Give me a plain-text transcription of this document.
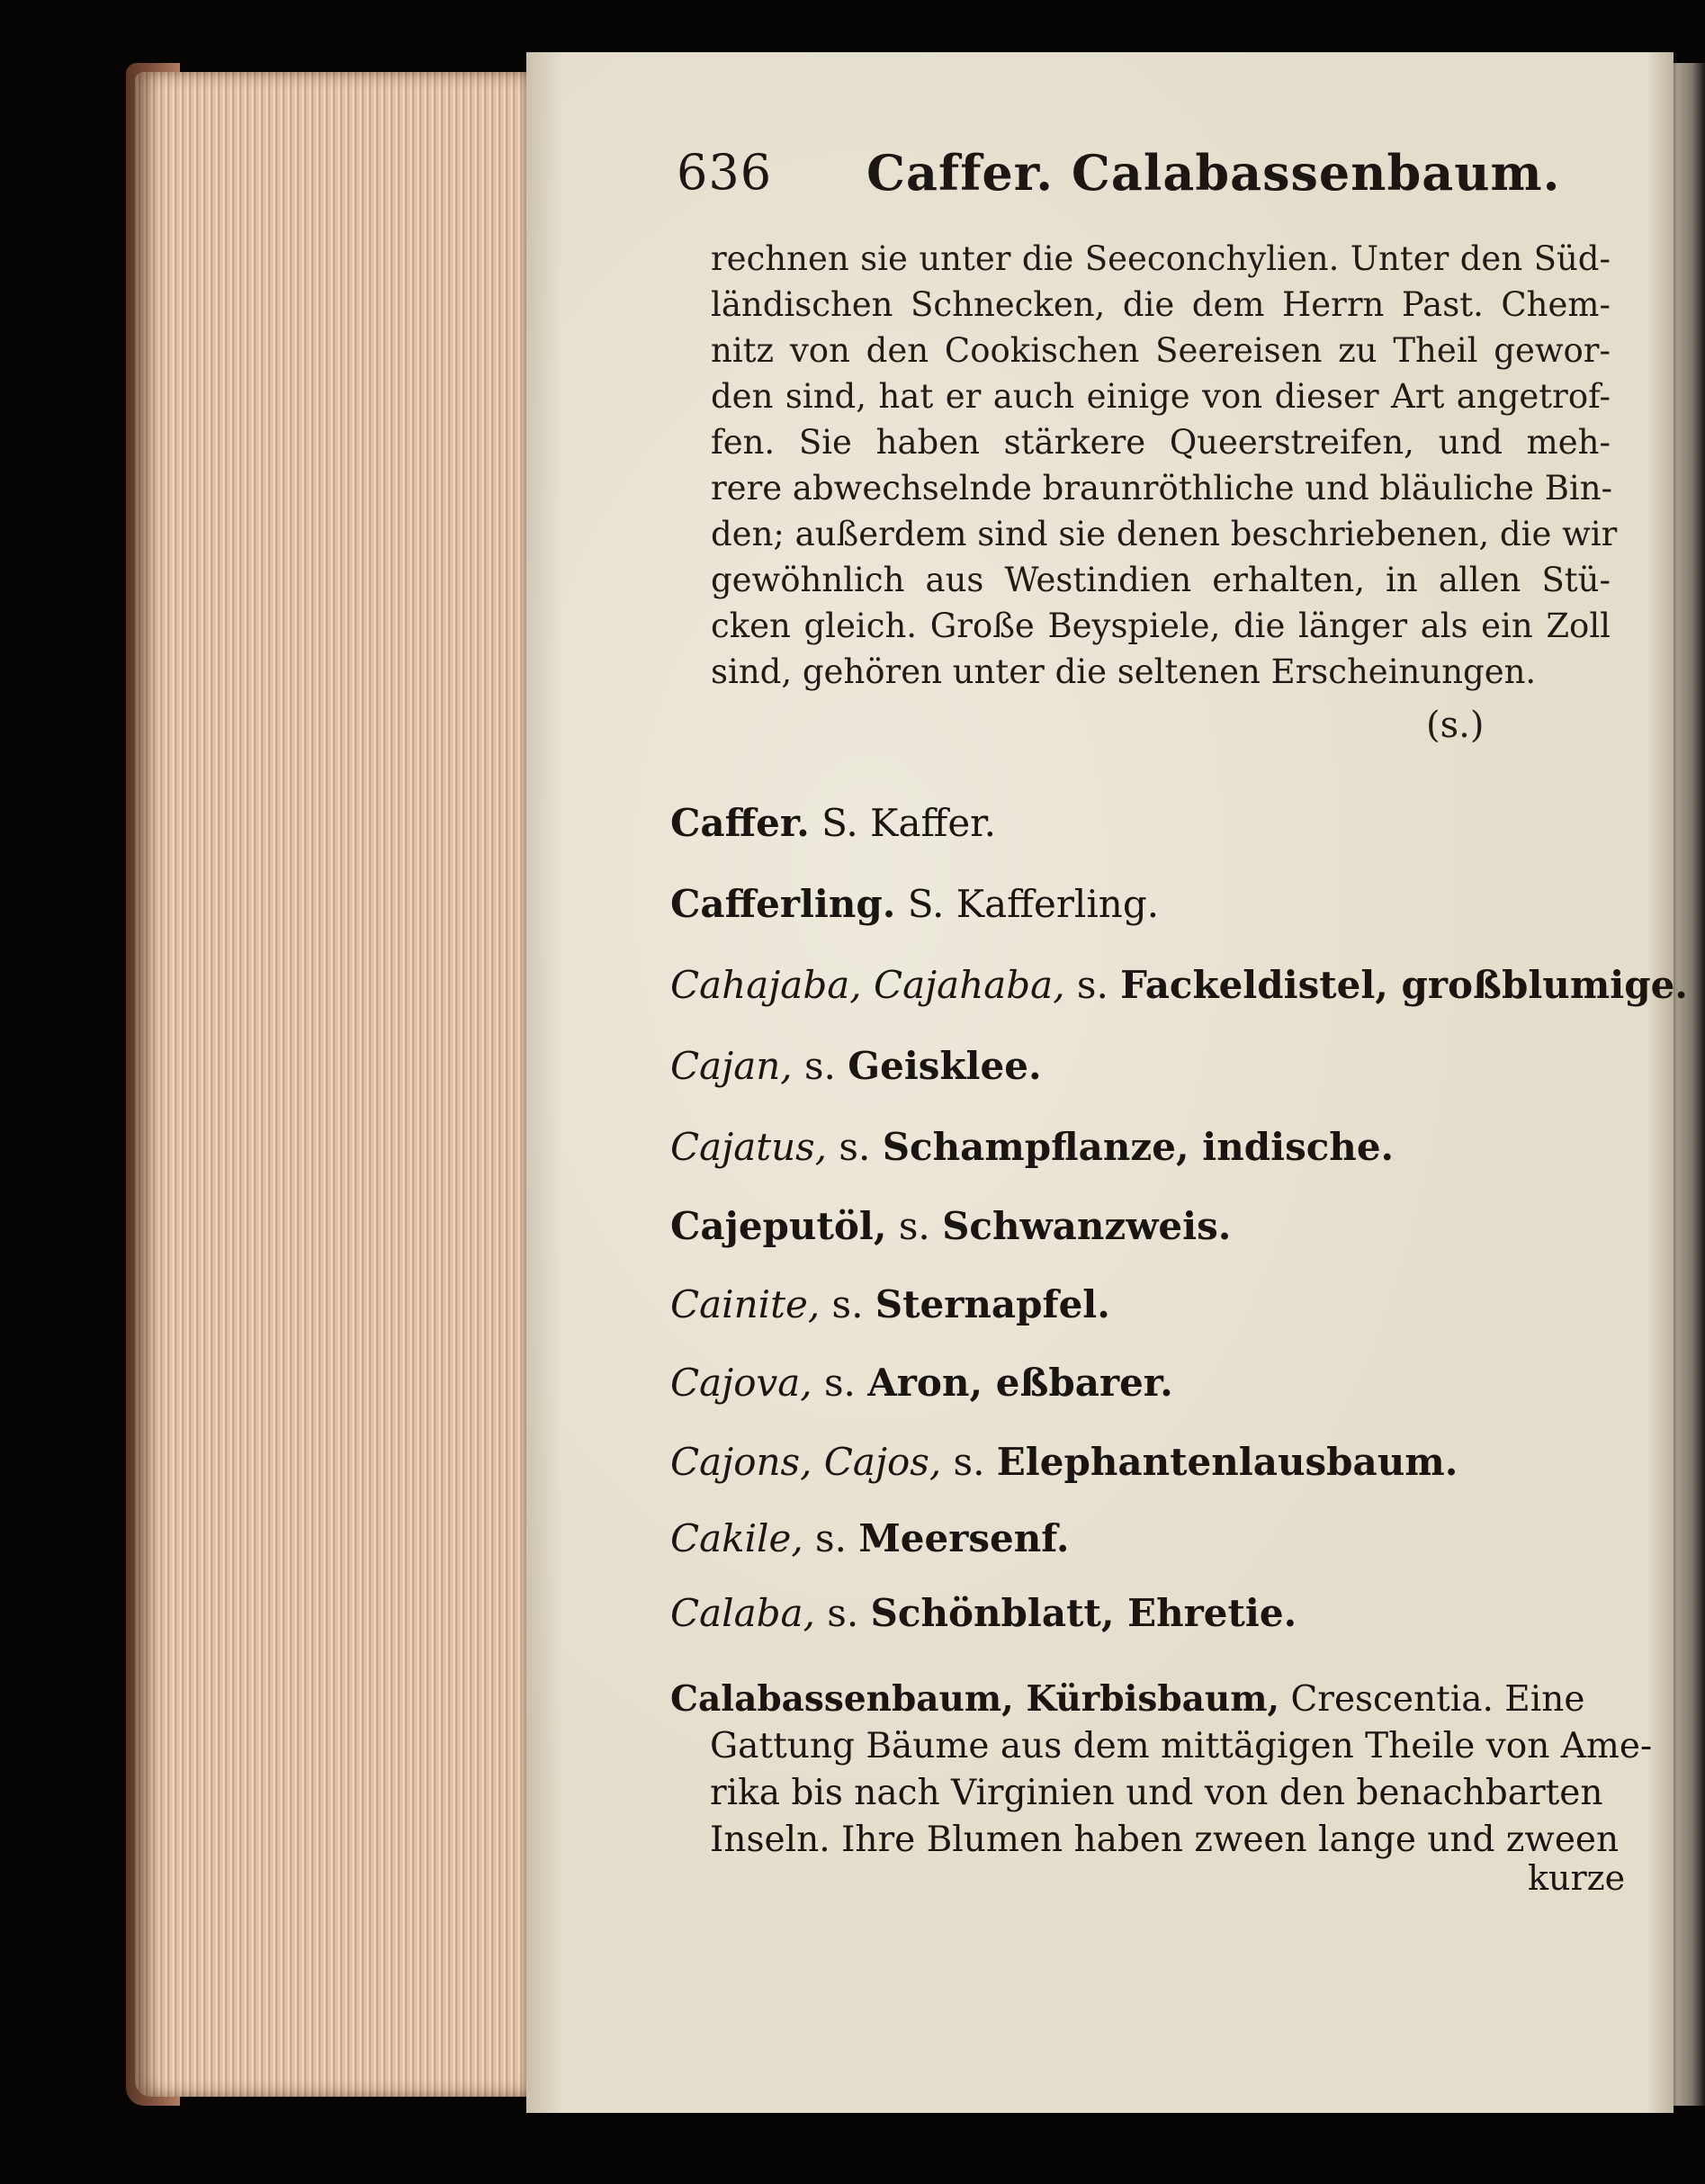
636 Caffer. Calabassenbaum.
rechnen sie unter die Seeconchylien. Unter den Süd-
ländischen Schnecken, die dem Herrn Past. Chem-
nitz von den Cookischen Seereisen zu Theil gewor-
den sind, hat er auch einige von dieser Art angetrof-
fen. Sie haben stärkere Queerstreifen, und meh-
rere abwechselnde braunröthliche und bläuliche Bin-
den; außerdem sind sie denen beschriebenen, die wir
gewöhnlich aus Westindien erhalten, in allen Stü-
cken gleich. Große Beyspiele, die länger als ein Zoll
sind, gehören unter die seltenen Erscheinungen.
(s.)
Caffer. S. Kaffer.
Cafferling. S. Kafferling.
Cahajaba, Cajahaba, s. Fackeldistel, großblumige.
Cajan, s. Geisklee.
Cajatus, s. Schampflanze, indische.
Cajeputöl, s. Schwanzweis.
Cainite, s. Sternapfel.
Cajova, s. Aron, eßbarer.
Cajons, Cajos, s. Elephantenlausbaum.
Cakile, s. Meersenf.
Calaba, s. Schönblatt, Ehretie.
Calabassenbaum, Kürbisbaum, Crescentia. Eine
Gattung Bäume aus dem mittägigen Theile von Ame-
rika bis nach Virginien und von den benachbarten
Inseln. Ihre Blumen haben zween lange und zween
kurze
